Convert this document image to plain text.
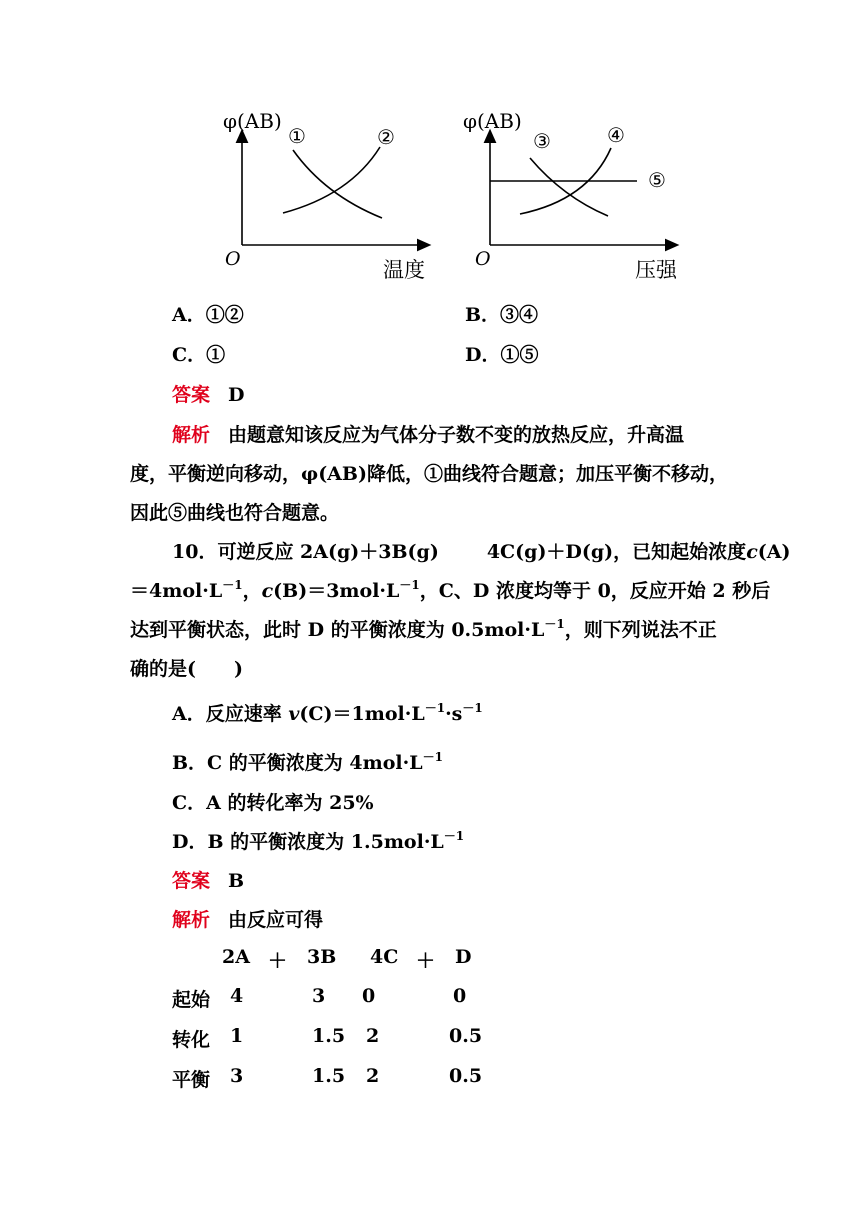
φ(AB)
O	温度
①	②
φ(AB)
O	压强
③	④
⑤
A．①②	B．③④
C．①	D．①⑤
答案 D
解析 由题意知该反应为气体分子数不变的放热反应，升高温
度，平衡逆向移动，φ(AB)降低，①曲线符合题意；加压平衡不移动，
因此⑤曲线也符合题意。
10．可逆反应 2A(g)＋3B(g)	4C(g)＋D(g)，已知起始浓度c(A)
$=4mol\cdot L^{-1}$，$c(B)=3mol\cdot L^{-1}$，C、D 浓度均等于 0，反应开始 2 秒后
达到平衡状态，此时 D 的平衡浓度为 $0.5mol\cdot L^{-1}$，则下列说法不正
确的是(　　)
A．反应速率 $v(C)=1mol\cdot L^{-1}\cdot s^{-1}$
B．C 的平衡浓度为 $4mol\cdot L^{-1}$
C．A 的转化率为 25%
D．B 的平衡浓度为 $1.5mol\cdot L^{-1}$
答案 B
解析 由反应可得
2A ＋ 3B 4C ＋ D
起始 4	3 0	0
转化 1	1.5 2	0.5
平衡 3	1.5 2	0.5
